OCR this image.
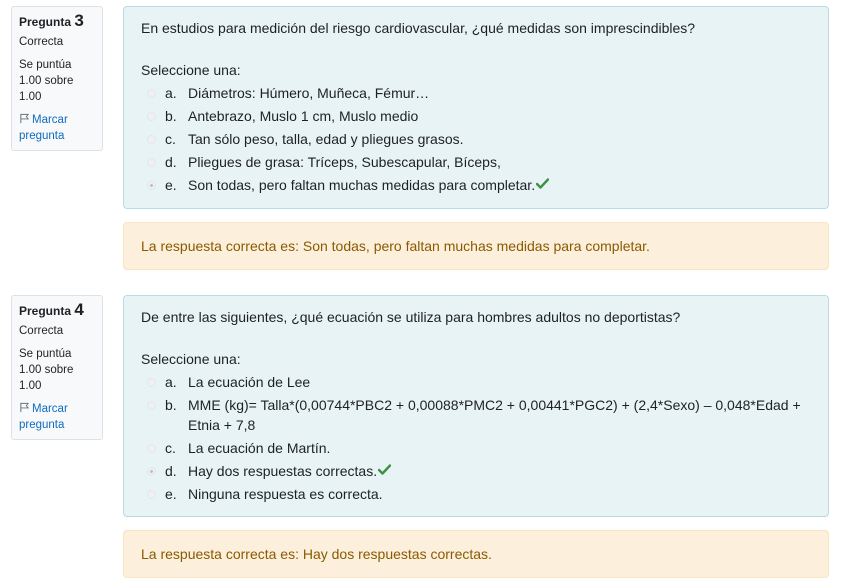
Pregunta 3
Correcta
Se puntúa 1.00 sobre 1.00
Marcar pregunta

En estudios para medición del riesgo cardiovascular, ¿qué medidas son imprescindibles?

Seleccione una:

a. Diámetros: Húmero, Muñeca, Fémur…
b. Antebrazo, Muslo 1 cm, Muslo medio
c. Tan sólo peso, talla, edad y pliegues grasos.
d. Pliegues de grasa: Tríceps, Subescapular, Bíceps,
e. Son todas, pero faltan muchas medidas para completar.
La respuesta correcta es: Son todas, pero faltan muchas medidas para completar.
Pregunta 4
Correcta
Se puntúa 1.00 sobre 1.00
Marcar pregunta

De entre las siguientes, ¿qué ecuación se utiliza para hombres adultos no deportistas?

Seleccione una:

a. La ecuación de Lee
b. MME (kg)= Talla*(0,00744*PBC2 + 0,00088*PMC2 + 0,00441*PGC2) + (2,4*Sexo) – 0,048*Edad + Etnia + 7,8
c. La ecuación de Martín.
d. Hay dos respuestas correctas.
e. Ninguna respuesta es correcta.
La respuesta correcta es: Hay dos respuestas correctas.
